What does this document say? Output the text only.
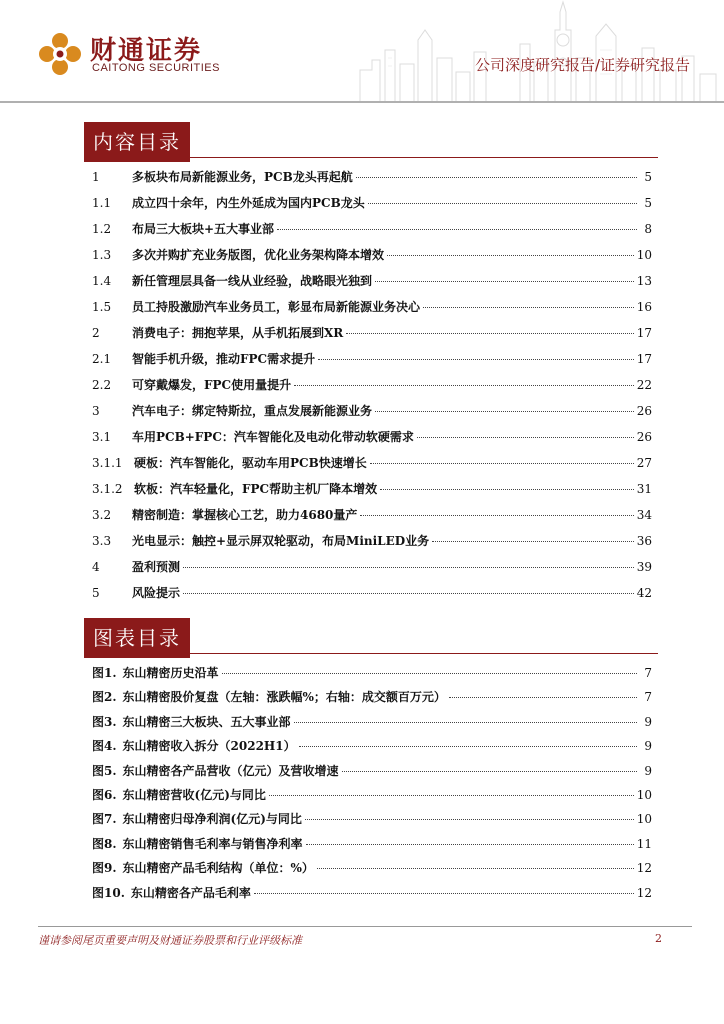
财通证券
CAITONG SECURITIES	公司深度研究报告/证券研究报告
内容目录
1	多板块布局新能源业务，PCB龙头再起航	5
1.1	成立四十余年，内生外延成为国内PCB龙头	5
1.2	布局三大板块+五大事业部	8
1.3	多次并购扩充业务版图，优化业务架构降本增效	10
1.4	新任管理层具备一线从业经验，战略眼光独到	13
1.5	员工持股激励汽车业务员工，彰显布局新能源业务决心	16
2	消费电子：拥抱苹果，从手机拓展到XR	17
2.1	智能手机升级，推动FPC需求提升	17
2.2	可穿戴爆发，FPC使用量提升	22
3	汽车电子：绑定特斯拉，重点发展新能源业务	26
3.1	车用PCB+FPC：汽车智能化及电动化带动软硬需求	26
3.1.1 硬板：汽车智能化，驱动车用PCB快速增长	27
3.1.2 软板：汽车轻量化，FPC帮助主机厂降本增效	31
3.2	精密制造：掌握核心工艺，助力4680量产	34
3.3	光电显示：触控+显示屏双轮驱动，布局MiniLED业务	36
4	盈利预测	39
5	风险提示	42
图表目录
图1. 东山精密历史沿革	7
图2. 东山精密股价复盘（左轴：涨跌幅%；右轴：成交额百万元）	7
图3. 东山精密三大板块、五大事业部	9
图4. 东山精密收入拆分（2022H1）	9
图5. 东山精密各产品营收（亿元）及营收增速	9
图6. 东山精密营收(亿元)与同比	10
图7. 东山精密归母净利润(亿元)与同比	10
图8. 东山精密销售毛利率与销售净利率	11
图9. 东山精密产品毛利结构（单位：%）	12
图10. 东山精密各产品毛利率	12
谨请参阅尾页重要声明及财通证券股票和行业评级标准	2
